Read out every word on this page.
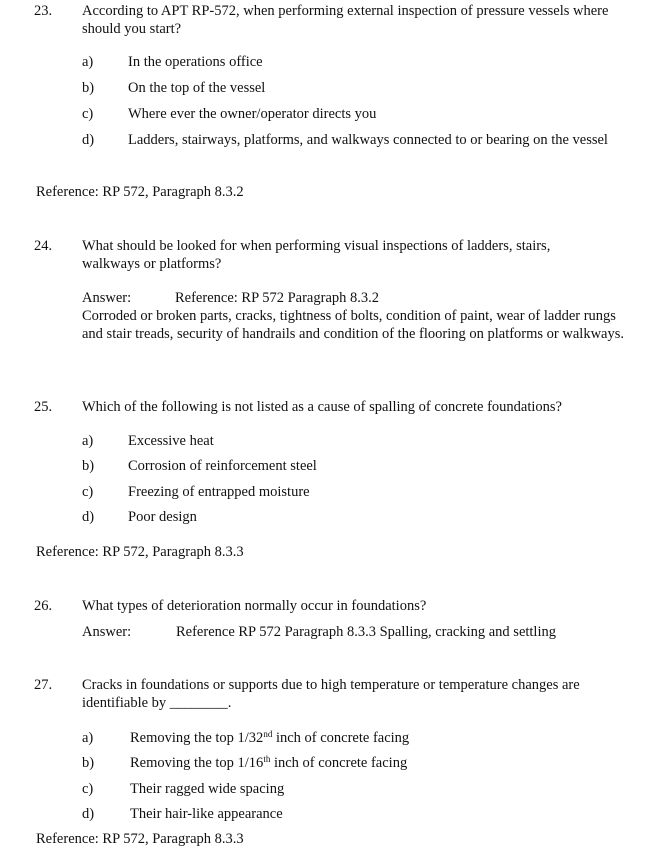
23. According to APT RP-572, when performing external inspection of pressure vessels where should you start?
a)	In the operations office
b)	On the top of the vessel
c)	Where ever the owner/operator directs you
d)	Ladders, stairways, platforms, and walkways connected to or bearing on the vessel
Reference: RP 572, Paragraph 8.3.2
24. What should be looked for when performing visual inspections of ladders, stairs, walkways or platforms?
Answer:	Reference: RP 572 Paragraph 8.3.2
Corroded or broken parts, cracks, tightness of bolts, condition of paint, wear of ladder rungs and stair treads, security of handrails and condition of the flooring on platforms or walkways.
25. Which of the following is not listed as a cause of spalling of concrete foundations?
a)	Excessive heat
b)	Corrosion of reinforcement steel
c)	Freezing of entrapped moisture
d)	Poor design
Reference: RP 572, Paragraph 8.3.3
26. What types of deterioration normally occur in foundations?
Answer:	Reference RP 572 Paragraph 8.3.3 Spalling, cracking and settling
27. Cracks in foundations or supports due to high temperature or temperature changes are
identifiable by ________.
a)	Removing the top 1/32nd inch of concrete facing
b)	Removing the top 1/16th inch of concrete facing
c)	Their ragged wide spacing
d)	Their hair-like appearance
Reference: RP 572, Paragraph 8.3.3
